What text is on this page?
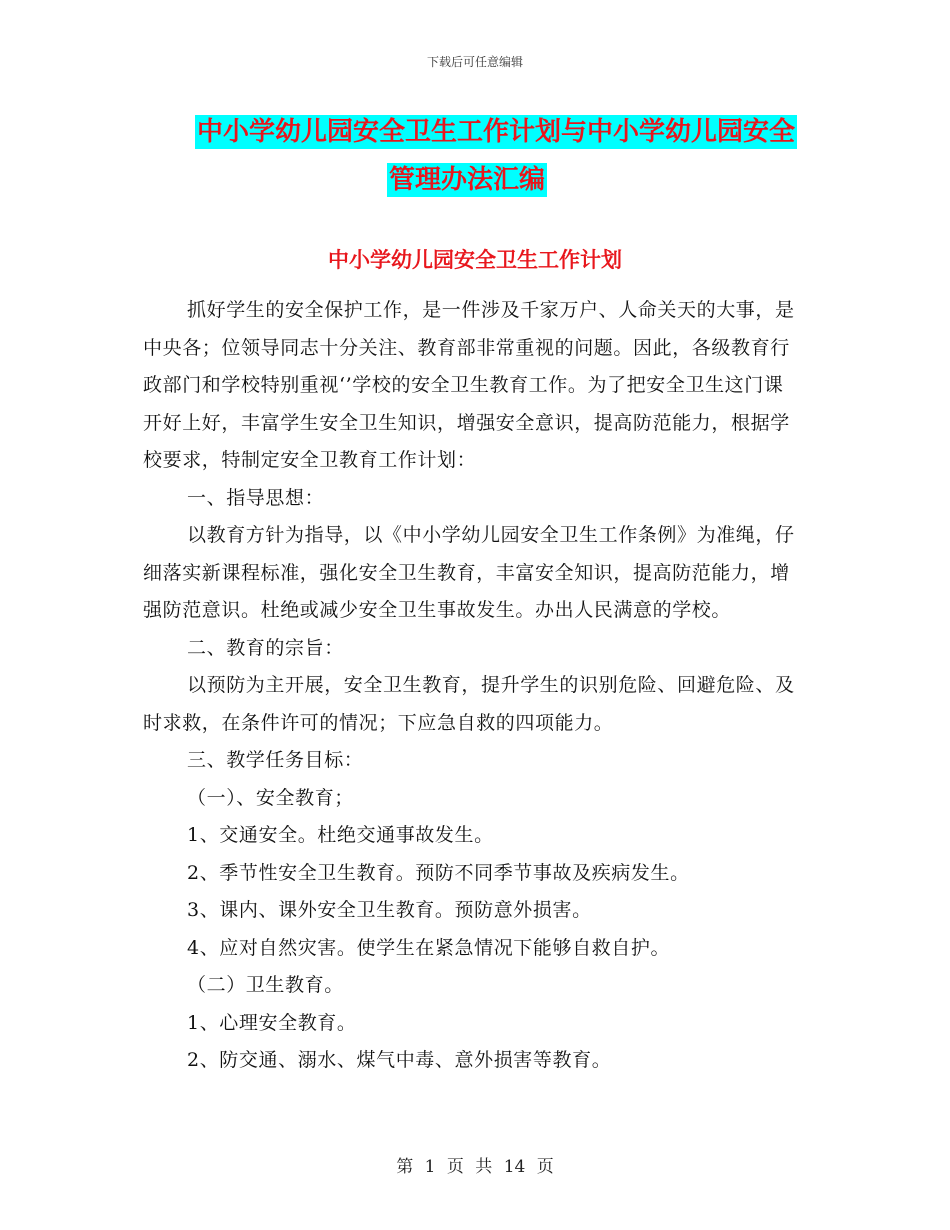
下载后可任意编辑
中小学幼儿园安全卫生工作计划与中小学幼儿园安全
管理办法汇编
中小学幼儿园安全卫生工作计划

抓好学生的安全保护工作，是一件涉及千家万户、人命关天的大事，是中央各；位领导同志十分关注、教育部非常重视的问题。因此，各级教育行政部门和学校特别重视‘’学校的安全卫生教育工作。为了把安全卫生这门课开好上好，丰富学生安全卫生知识，增强安全意识，提高防范能力，根据学校要求，特制定安全卫教育工作计划：

一、指导思想：

以教育方针为指导，以《中小学幼儿园安全卫生工作条例》为准绳，仔细落实新课程标准，强化安全卫生教育，丰富安全知识，提高防范能力，增强防范意识。杜绝或减少安全卫生事故发生。办出人民满意的学校。

二、教育的宗旨：

以预防为主开展，安全卫生教育，提升学生的识别危险、回避危险、及时求救，在条件许可的情况；下应急自救的四项能力。

三、教学任务目标：

（一）、安全教育；

1、交通安全。杜绝交通事故发生。

2、季节性安全卫生教育。预防不同季节事故及疾病发生。

3、课内、课外安全卫生教育。预防意外损害。

4、应对自然灾害。使学生在紧急情况下能够自救自护。

（二）卫生教育。

1、心理安全教育。

2、防交通、溺水、煤气中毒、意外损害等教育。

第 1 页 共 14 页
